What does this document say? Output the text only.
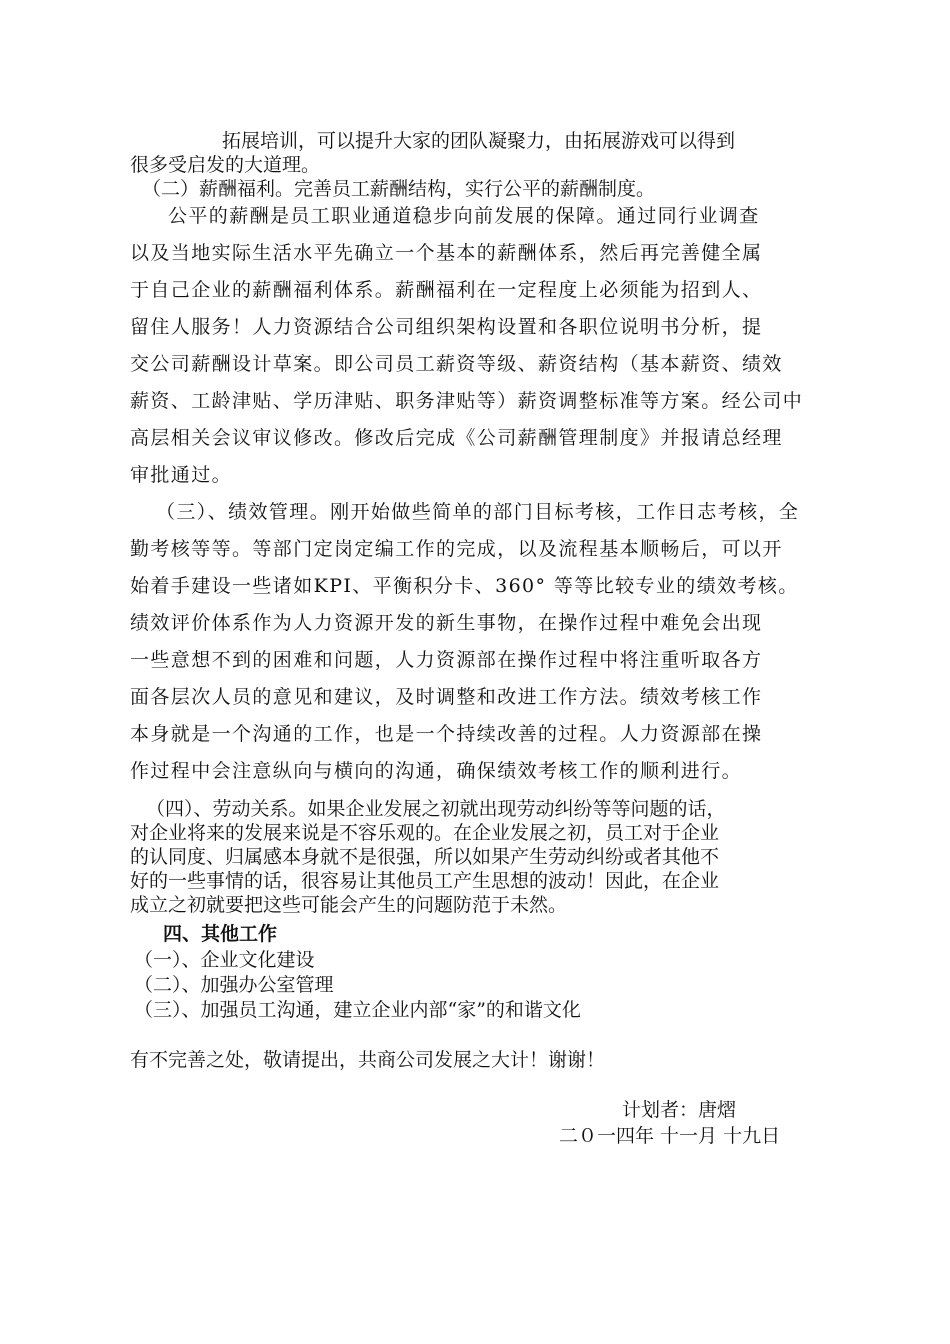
拓展培训，可以提升大家的团队凝聚力，由拓展游戏可以得到

很多受启发的大道理。

（二）薪酬福利。完善员工薪酬结构，实行公平的薪酬制度。

公平的薪酬是员工职业通道稳步向前发展的保障。通过同行业调查

以及当地实际生活水平先确立一个基本的薪酬体系，然后再完善健全属

于自己企业的薪酬福利体系。薪酬福利在一定程度上必须能为招到人、

留住人服务！人力资源结合公司组织架构设置和各职位说明书分析，提

交公司薪酬设计草案。即公司员工薪资等级、薪资结构（基本薪资、绩效

薪资、工龄津贴、学历津贴、职务津贴等）薪资调整标准等方案。经公司中

高层相关会议审议修改。修改后完成《公司薪酬管理制度》并报请总经理

审批通过。

（三）、绩效管理。刚开始做些简单的部门目标考核，工作日志考核，全

勤考核等等。等部门定岗定编工作的完成，以及流程基本顺畅后，可以开

始着手建设一些诸如KPI、平衡积分卡、360° 等等比较专业的绩效考核。

绩效评价体系作为人力资源开发的新生事物，在操作过程中难免会出现

一些意想不到的困难和问题，人力资源部在操作过程中将注重听取各方

面各层次人员的意见和建议，及时调整和改进工作方法。绩效考核工作

本身就是一个沟通的工作，也是一个持续改善的过程。人力资源部在操

作过程中会注意纵向与横向的沟通，确保绩效考核工作的顺利进行。

（四）、劳动关系。如果企业发展之初就出现劳动纠纷等等问题的话，

对企业将来的发展来说是不容乐观的。在企业发展之初，员工对于企业

的认同度、归属感本身就不是很强，所以如果产生劳动纠纷或者其他不

好的一些事情的话，很容易让其他员工产生思想的波动！因此，在企业

成立之初就要把这些可能会产生的问题防范于未然。

四、其他工作

（一）、企业文化建设

（二）、加强办公室管理

（三）、加强员工沟通，建立企业内部“家”的和谐文化

有不完善之处，敬请提出，共商公司发展之大计！谢谢！

计划者：唐熠

二０一四年 十一月 十九日
